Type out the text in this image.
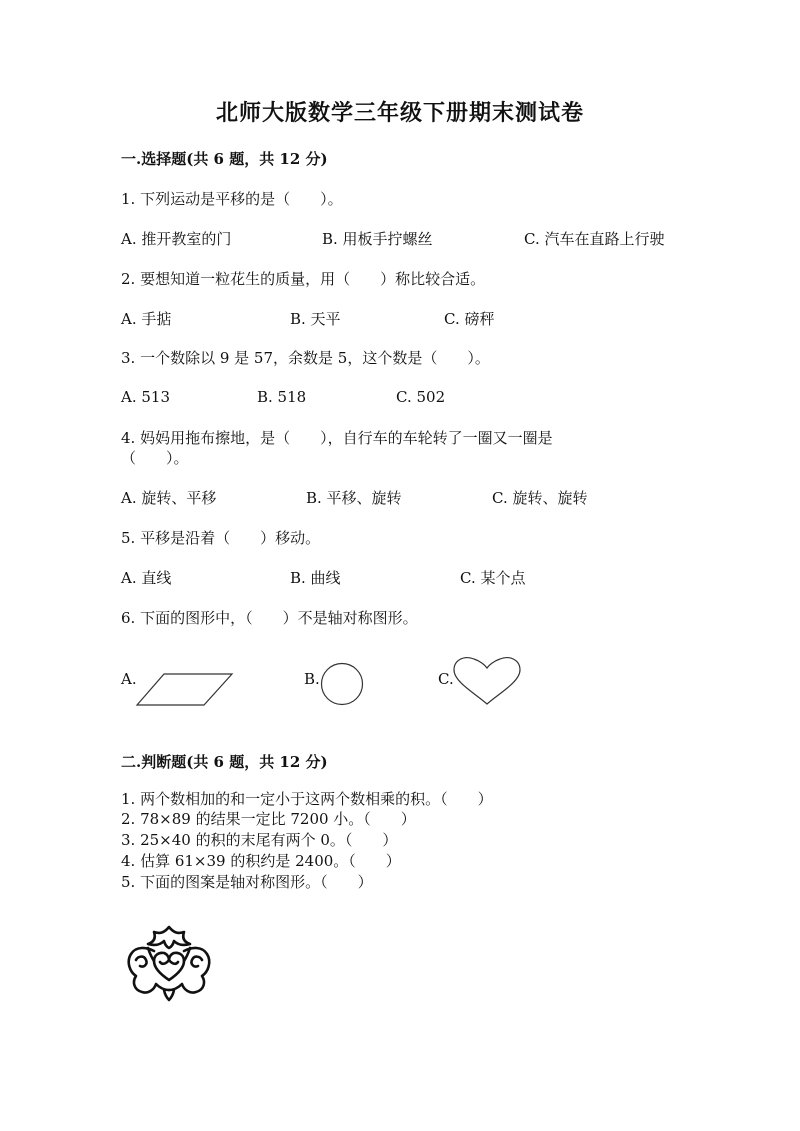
北师大版数学三年级下册期末测试卷
一.选择题(共 6 题，共 12 分)
1. 下列运动是平移的是（　　）。
A. 推开教室的门	B. 用板手拧螺丝	C. 汽车在直路上行驶
2. 要想知道一粒花生的质量，用（　　）称比较合适。
A. 手掂	B. 天平	C. 磅秤
3. 一个数除以 9 是 57，余数是 5，这个数是（　　）。
A. 513	B. 518	C. 502
4. 妈妈用拖布擦地，是（　　），自行车的车轮转了一圈又一圈是
（　　）。
A. 旋转、平移	B. 平移、旋转	C. 旋转、旋转
5. 平移是沿着（　　）移动。
A. 直线	B. 曲线	C. 某个点
6. 下面的图形中，（　　）不是轴对称图形。
A.	B.	C.
二.判断题(共 6 题，共 12 分)
1. 两个数相加的和一定小于这两个数相乘的积。（　　）
2. 78×89 的结果一定比 7200 小。（　　）
3. 25×40 的积的末尾有两个 0。（　　）
4. 估算 61×39 的积约是 2400。（　　）
5. 下面的图案是轴对称图形。（　　）
